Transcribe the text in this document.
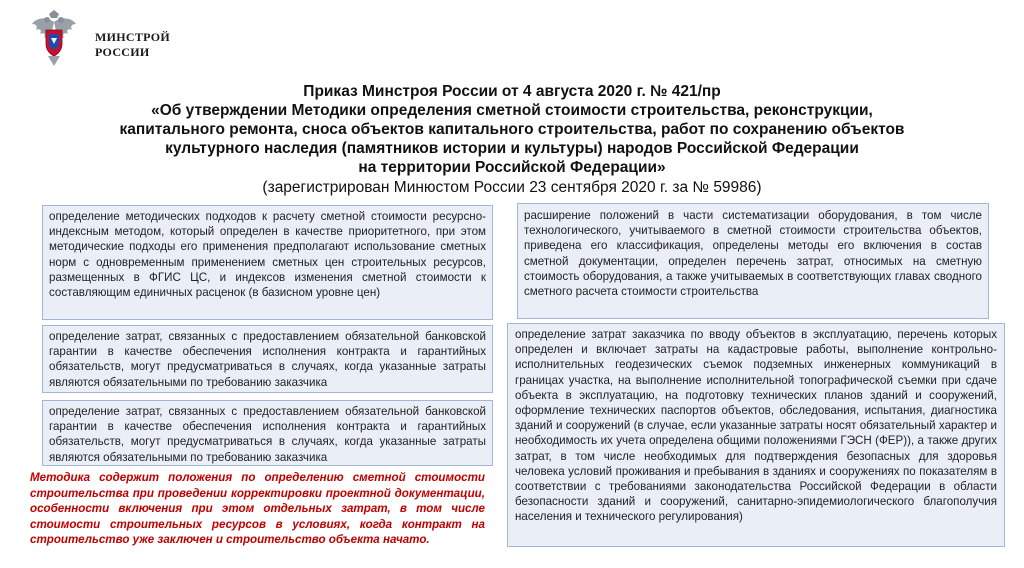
МИНСТРОЙ
РОССИИ
Приказ Минстроя России от 4 августа 2020 г. № 421/пр
«Об утверждении Методики определения сметной стоимости строительства, реконструкции,
капитального ремонта, сноса объектов капитального строительства, работ по сохранению объектов
культурного наследия (памятников истории и культуры) народов Российской Федерации
на территории Российской Федерации»
(зарегистрирован Минюстом России 23 сентября 2020 г. за № 59986)
определение методических подходов к расчету сметной стоимости ресурсно-индексным методом, который определен в качестве приоритетного, при этом методические подходы его применения предполагают использование сметных норм с одновременным применением сметных цен строительных ресурсов, размещенных в ФГИС ЦС, и индексов изменения сметной стоимости к составляющим единичных расценок (в базисном уровне цен)
определение затрат, связанных с предоставлением обязательной банковской гарантии в качестве обеспечения исполнения контракта и гарантийных обязательств, могут предусматриваться в случаях, когда указанные затраты являются обязательными по требованию заказчика
определение затрат, связанных с предоставлением обязательной банковской гарантии в качестве обеспечения исполнения контракта и гарантийных обязательств, могут предусматриваться в случаях, когда указанные затраты являются обязательными по требованию заказчика
расширение положений в части систематизации оборудования, в том числе технологического, учитываемого в сметной стоимости строительства объектов, приведена его классификация, определены методы его включения в состав сметной документации, определен перечень затрат, относимых на сметную стоимость оборудования, а также учитываемых в соответствующих главах сводного сметного расчета стоимости строительства
определение затрат заказчика по вводу объектов в эксплуатацию, перечень которых определен и включает затраты на кадастровые работы, выполнение контрольно-исполнительных геодезических съемок подземных инженерных коммуникаций в границах участка, на выполнение исполнительной топографической съемки при сдаче объекта в эксплуатацию, на подготовку технических планов зданий и сооружений, оформление технических паспортов объектов, обследования, испытания, диагностика зданий и сооружений (в случае, если указанные затраты носят обязательный характер и необходимость их учета определена общими положениями ГЭСН (ФЕР)), а также других затрат, в том числе необходимых для подтверждения безопасных для здоровья человека условий проживания и пребывания в зданиях и сооружениях по показателям в соответствии с требованиями законодательства Российской Федерации в области безопасности зданий и сооружений, санитарно-эпидемиологического благополучия населения и технического регулирования)
Методика содержит положения по определению сметной стоимости строительства при проведении корректировки проектной документации, особенности включения при этом отдельных затрат, в том числе стоимости строительных ресурсов в условиях, когда контракт на строительство уже заключен и строительство объекта начато.
